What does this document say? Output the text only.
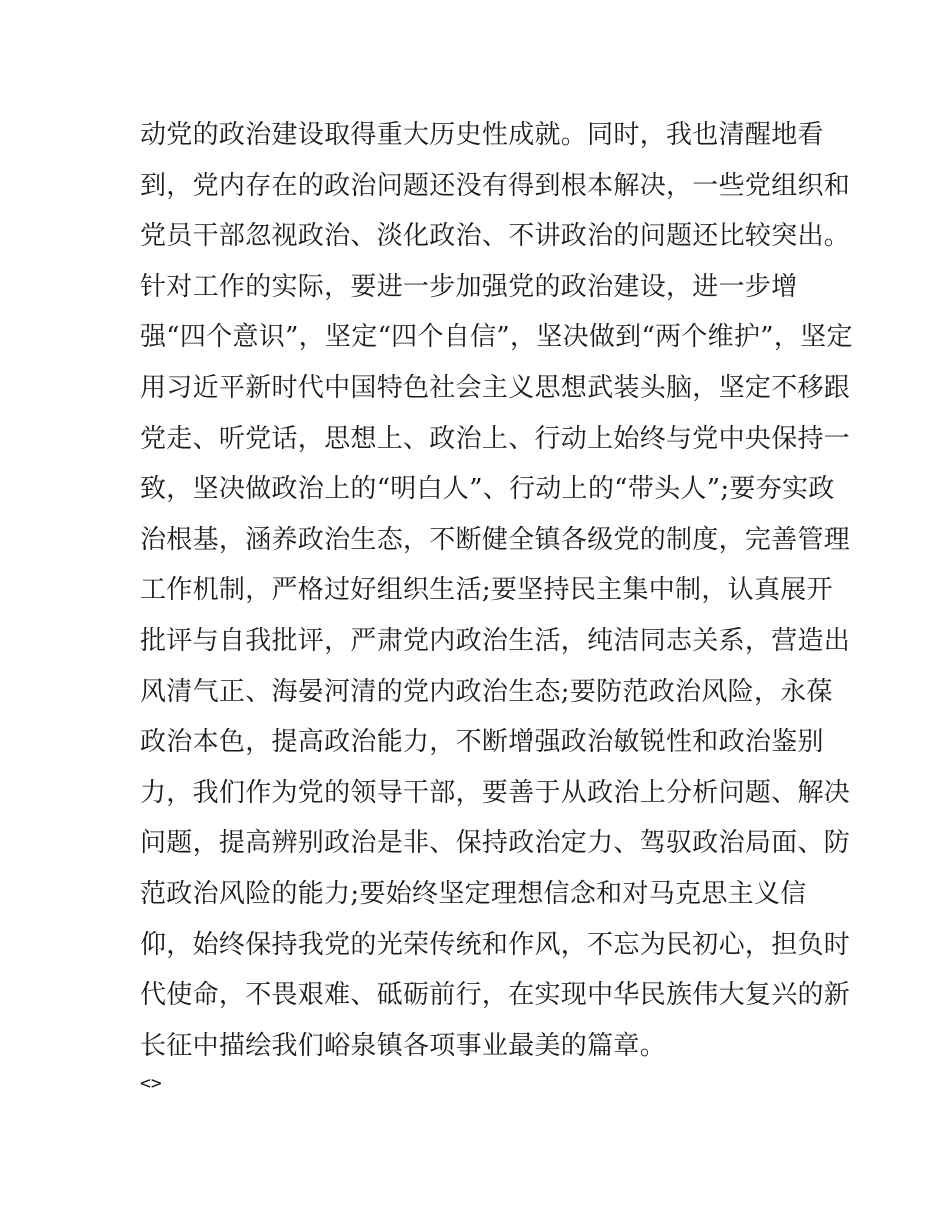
动党的政治建设取得重大历史性成就。同时，我也清醒地看
到，党内存在的政治问题还没有得到根本解决，一些党组织和
党员干部忽视政治、淡化政治、不讲政治的问题还比较突出。
针对工作的实际，要进一步加强党的政治建设，进一步增
强“四个意识”，坚定“四个自信”，坚决做到“两个维护”，坚定
用习近平新时代中国特色社会主义思想武装头脑，坚定不移跟
党走、听党话，思想上、政治上、行动上始终与党中央保持一
致，坚决做政治上的“明白人”、行动上的“带头人”;要夯实政
治根基，涵养政治生态，不断健全镇各级党的制度，完善管理
工作机制，严格过好组织生活;要坚持民主集中制，认真展开
批评与自我批评，严肃党内政治生活，纯洁同志关系，营造出
风清气正、海晏河清的党内政治生态;要防范政治风险，永葆
政治本色，提高政治能力，不断增强政治敏锐性和政治鉴别
力，我们作为党的领导干部，要善于从政治上分析问题、解决
问题，提高辨别政治是非、保持政治定力、驾驭政治局面、防
范政治风险的能力;要始终坚定理想信念和对马克思主义信
仰，始终保持我党的光荣传统和作风，不忘为民初心，担负时
代使命，不畏艰难、砥砺前行，在实现中华民族伟大复兴的新
长征中描绘我们峪泉镇各项事业最美的篇章。
<>
